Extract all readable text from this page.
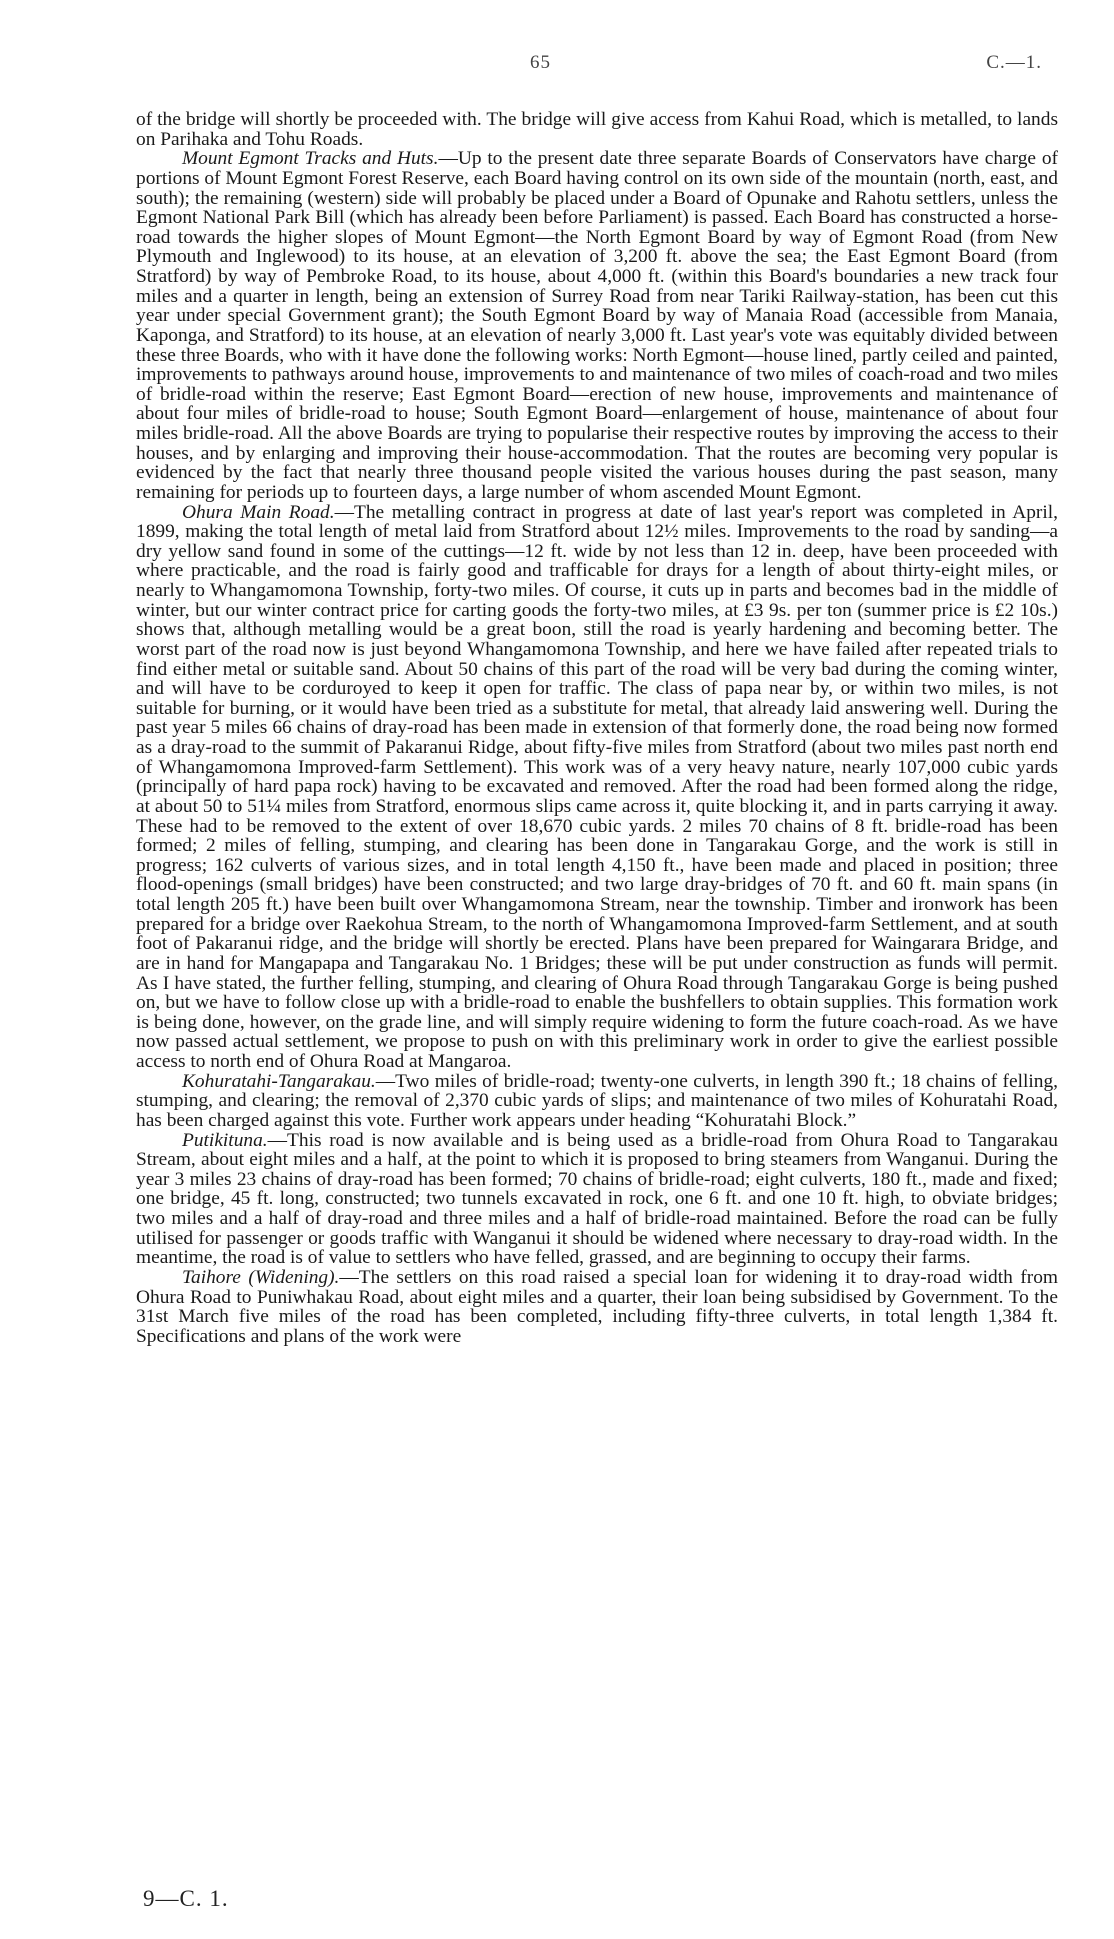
65	C.—1.

of the bridge will shortly be proceeded with. The bridge will give access from Kahui Road, which is metalled, to lands on Parihaka and Tohu Roads.

Mount Egmont Tracks and Huts.—Up to the present date three separate Boards of Conservators have charge of portions of Mount Egmont Forest Reserve, each Board having control on its own side of the mountain (north, east, and south); the remaining (western) side will probably be placed under a Board of Opunake and Rahotu settlers, unless the Egmont National Park Bill (which has already been before Parliament) is passed. Each Board has constructed a horse-road towards the higher slopes of Mount Egmont—the North Egmont Board by way of Egmont Road (from New Plymouth and Inglewood) to its house, at an elevation of 3,200 ft. above the sea; the East Egmont Board (from Stratford) by way of Pembroke Road, to its house, about 4,000 ft. (within this Board's boundaries a new track four miles and a quarter in length, being an extension of Surrey Road from near Tariki Railway-station, has been cut this year under special Government grant); the South Egmont Board by way of Manaia Road (accessible from Manaia, Kaponga, and Stratford) to its house, at an elevation of nearly 3,000 ft. Last year's vote was equitably divided between these three Boards, who with it have done the following works: North Egmont—house lined, partly ceiled and painted, improvements to pathways around house, improvements to and maintenance of two miles of coach-road and two miles of bridle-road within the reserve; East Egmont Board—erection of new house, improvements and maintenance of about four miles of bridle-road to house; South Egmont Board—enlargement of house, maintenance of about four miles bridle-road. All the above Boards are trying to popularise their respective routes by improving the access to their houses, and by enlarging and improving their house-accommodation. That the routes are becoming very popular is evidenced by the fact that nearly three thousand people visited the various houses during the past season, many remaining for periods up to fourteen days, a large number of whom ascended Mount Egmont.

Ohura Main Road.—The metalling contract in progress at date of last year's report was completed in April, 1899, making the total length of metal laid from Stratford about 12½ miles. Improvements to the road by sanding—a dry yellow sand found in some of the cuttings—12 ft. wide by not less than 12 in. deep, have been proceeded with where practicable, and the road is fairly good and trafficable for drays for a length of about thirty-eight miles, or nearly to Whangamomona Township, forty-two miles. Of course, it cuts up in parts and becomes bad in the middle of winter, but our winter contract price for carting goods the forty-two miles, at £3 9s. per ton (summer price is £2 10s.) shows that, although metalling would be a great boon, still the road is yearly hardening and becoming better. The worst part of the road now is just beyond Whangamomona Township, and here we have failed after repeated trials to find either metal or suitable sand. About 50 chains of this part of the road will be very bad during the coming winter, and will have to be corduroyed to keep it open for traffic. The class of papa near by, or within two miles, is not suitable for burning, or it would have been tried as a substitute for metal, that already laid answering well. During the past year 5 miles 66 chains of dray-road has been made in extension of that formerly done, the road being now formed as a dray-road to the summit of Pakaranui Ridge, about fifty-five miles from Stratford (about two miles past north end of Whangamomona Improved-farm Settlement). This work was of a very heavy nature, nearly 107,000 cubic yards (principally of hard papa rock) having to be excavated and removed. After the road had been formed along the ridge, at about 50 to 51¼ miles from Stratford, enormous slips came across it, quite blocking it, and in parts carrying it away. These had to be removed to the extent of over 18,670 cubic yards. 2 miles 70 chains of 8 ft. bridle-road has been formed; 2 miles of felling, stumping, and clearing has been done in Tangarakau Gorge, and the work is still in progress; 162 culverts of various sizes, and in total length 4,150 ft., have been made and placed in position; three flood-openings (small bridges) have been constructed; and two large dray-bridges of 70 ft. and 60 ft. main spans (in total length 205 ft.) have been built over Whangamomona Stream, near the township. Timber and ironwork has been prepared for a bridge over Raekohua Stream, to the north of Whangamomona Improved-farm Settlement, and at south foot of Pakaranui ridge, and the bridge will shortly be erected. Plans have been prepared for Waingarara Bridge, and are in hand for Mangapapa and Tangarakau No. 1 Bridges; these will be put under construction as funds will permit. As I have stated, the further felling, stumping, and clearing of Ohura Road through Tangarakau Gorge is being pushed on, but we have to follow close up with a bridle-road to enable the bushfellers to obtain supplies. This formation work is being done, however, on the grade line, and will simply require widening to form the future coach-road. As we have now passed actual settlement, we propose to push on with this preliminary work in order to give the earliest possible access to north end of Ohura Road at Mangaroa.

Kohuratahi-Tangarakau.—Two miles of bridle-road; twenty-one culverts, in length 390 ft.; 18 chains of felling, stumping, and clearing; the removal of 2,370 cubic yards of slips; and maintenance of two miles of Kohuratahi Road, has been charged against this vote. Further work appears under heading “Kohuratahi Block.”

Putikituna.—This road is now available and is being used as a bridle-road from Ohura Road to Tangarakau Stream, about eight miles and a half, at the point to which it is proposed to bring steamers from Wanganui. During the year 3 miles 23 chains of dray-road has been formed; 70 chains of bridle-road; eight culverts, 180 ft., made and fixed; one bridge, 45 ft. long, constructed; two tunnels excavated in rock, one 6 ft. and one 10 ft. high, to obviate bridges; two miles and a half of dray-road and three miles and a half of bridle-road maintained. Before the road can be fully utilised for passenger or goods traffic with Wanganui it should be widened where necessary to dray-road width. In the meantime, the road is of value to settlers who have felled, grassed, and are beginning to occupy their farms.

Taihore (Widening).—The settlers on this road raised a special loan for widening it to dray-road width from Ohura Road to Puniwhakau Road, about eight miles and a quarter, their loan being subsidised by Government. To the 31st March five miles of the road has been completed, including fifty-three culverts, in total length 1,384 ft. Specifications and plans of the work were

9—C. 1.
